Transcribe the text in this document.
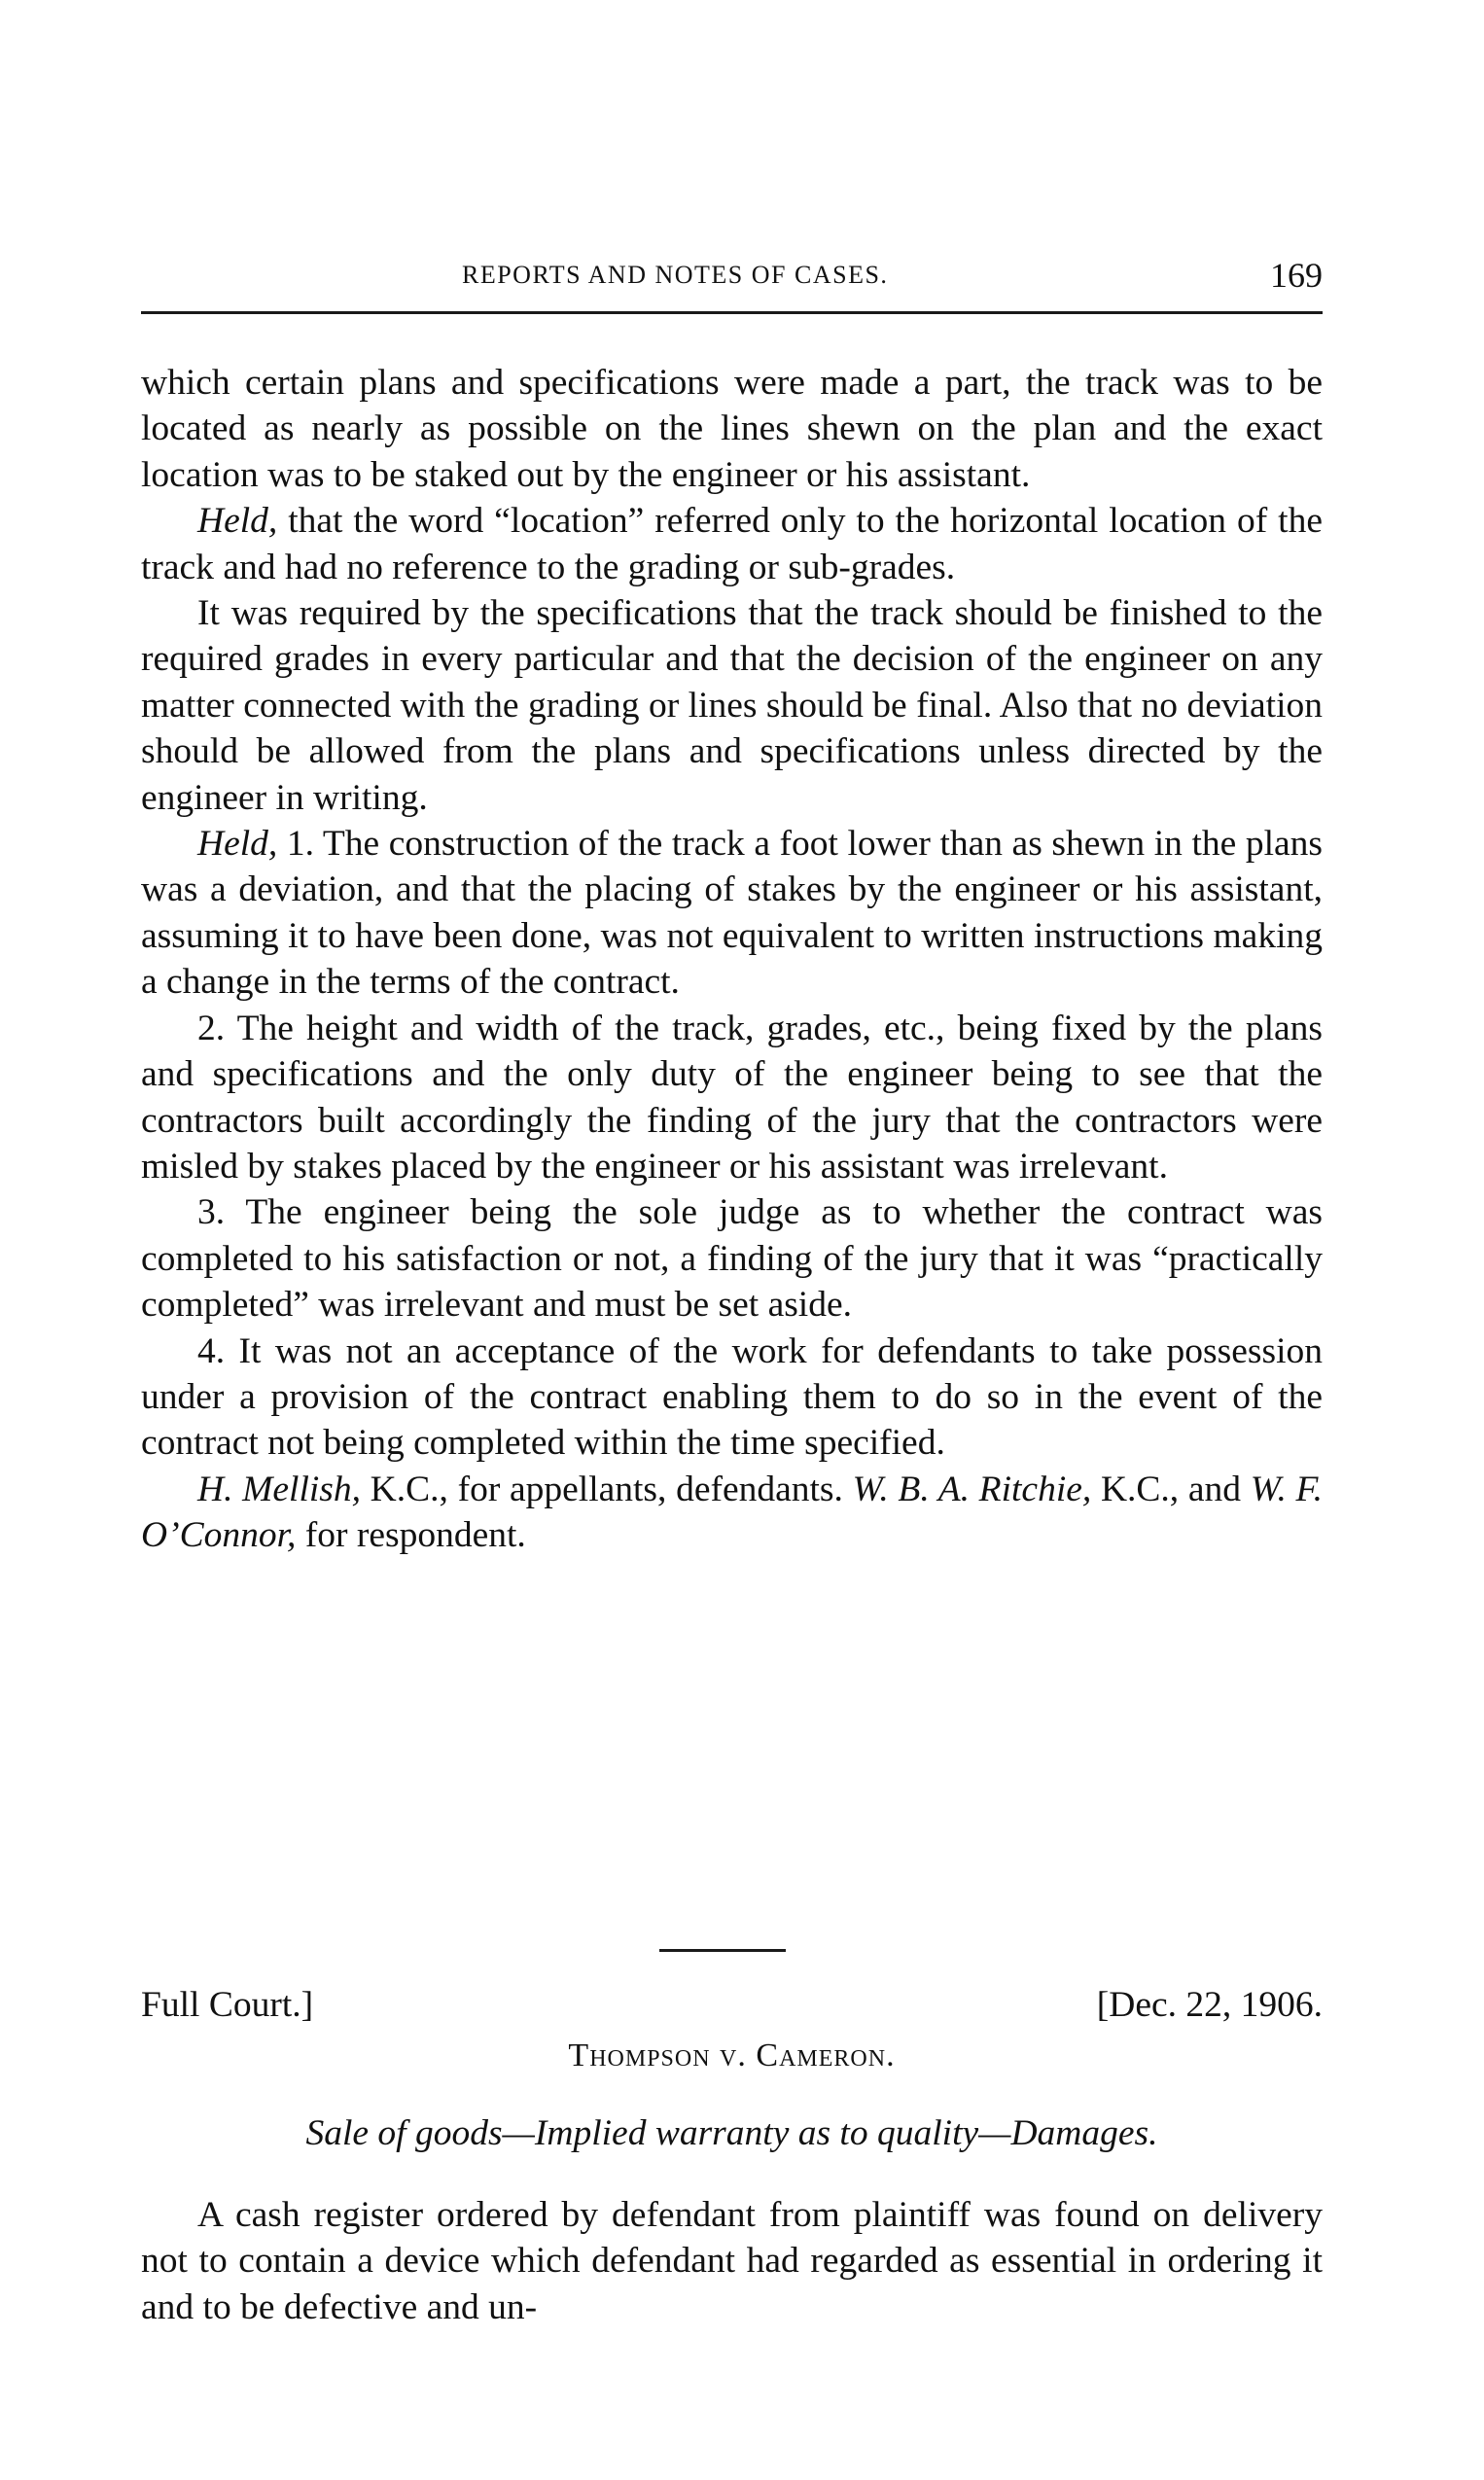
REPORTS AND NOTES OF CASES.	169

which certain plans and specifications were made a part, the track was to be located as nearly as possible on the lines shewn on the plan and the exact location was to be staked out by the engineer or his assistant.

Held, that the word “location” referred only to the horizontal location of the track and had no reference to the grading or sub-grades.

It was required by the specifications that the track should be finished to the required grades in every particular and that the decision of the engineer on any matter connected with the grading or lines should be final. Also that no deviation should be allowed from the plans and specifications unless directed by the engineer in writing.

Held, 1. The construction of the track a foot lower than as shewn in the plans was a deviation, and that the placing of stakes by the engineer or his assistant, assuming it to have been done, was not equivalent to written instructions making a change in the terms of the contract.

2. The height and width of the track, grades, etc., being fixed by the plans and specifications and the only duty of the engineer being to see that the contractors built accordingly the finding of the jury that the contractors were misled by stakes placed by the engineer or his assistant was irrelevant.

3. The engineer being the sole judge as to whether the contract was completed to his satisfaction or not, a finding of the jury that it was “practically completed” was irrelevant and must be set aside.

4. It was not an acceptance of the work for defendants to take possession under a provision of the contract enabling them to do so in the event of the contract not being completed within the time specified.

H. Mellish, K.C., for appellants, defendants. W. B. A. Ritchie, K.C., and W. F. O’Connor, for respondent.

Full Court.]	[Dec. 22, 1906.
Thompson v. Cameron.
Sale of goods—Implied warranty as to quality—Damages.

A cash register ordered by defendant from plaintiff was found on delivery not to contain a device which defendant had regarded as essential in ordering it and to be defective and un-
